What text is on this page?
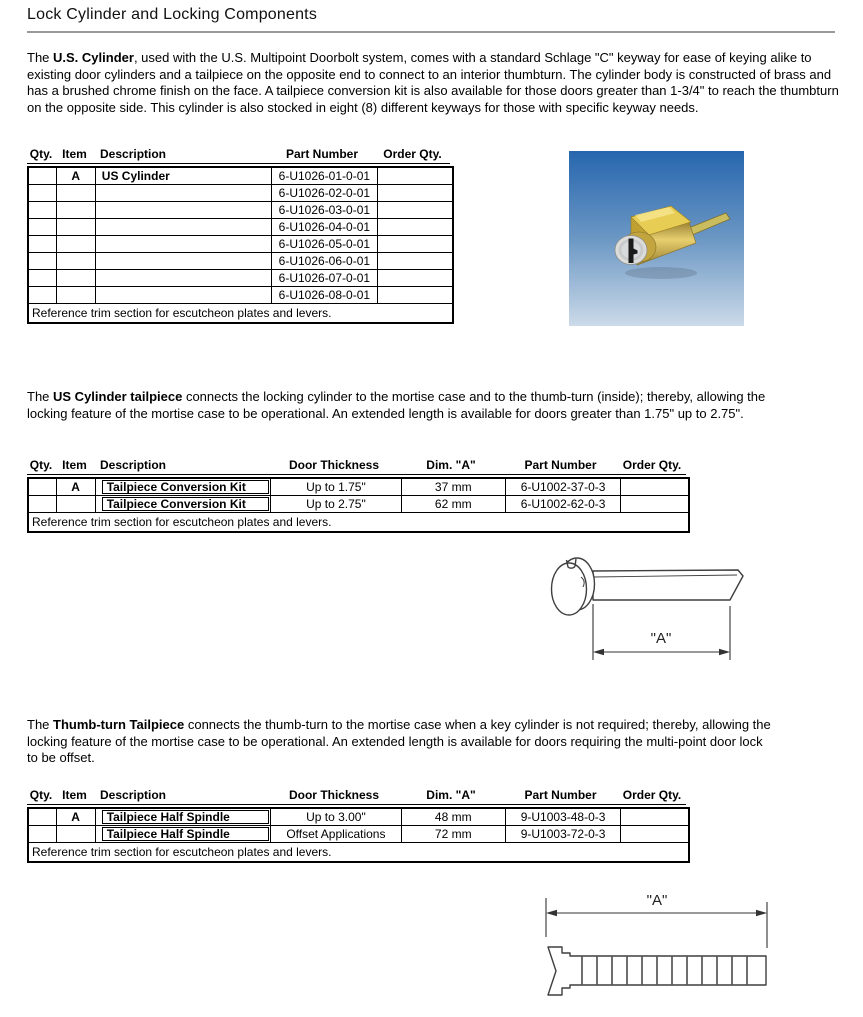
Lock Cylinder and Locking Components

The U.S. Cylinder, used with the U.S. Multipoint Doorbolt system, comes with a standard Schlage "C" keyway for ease of keying alike to existing door cylinders and a tailpiece on the opposite end to connect to an interior thumbturn. The cylinder body is constructed of brass and has a brushed chrome finish on the face. A tailpiece conversion kit is also available for those doors greater than 1-3/4" to reach the thumbturn on the opposite side. This cylinder is also stocked in eight (8) different keyways for those with specific keyway needs.

Qty. Item	Description	Part Number	Order Qty.
	A	US Cylinder	6-U1026-01-0-01	
			6-U1026-02-0-01	
			6-U1026-03-0-01	
			6-U1026-04-0-01	
			6-U1026-05-0-01	
			6-U1026-06-0-01	
			6-U1026-07-0-01	
			6-U1026-08-0-01	
Reference trim section for escutcheon plates and levers.				

The US Cylinder tailpiece connects the locking cylinder to the mortise case and to the thumb-turn (inside); thereby, allowing the locking feature of the mortise case to be operational. An extended length is available for doors greater than 1.75" up to 2.75".

Qty. Item	Description	Door Thickness	Dim. "A"	Part Number	Order Qty.
	A	Tailpiece Conversion Kit	Up to 1.75"	37 mm	6-U1002-37-0-3	

		Tailpiece Conversion Kit	Up to 2.75"	62 mm	6-U1002-62-0-3	
Reference trim section for escutcheon plates and levers.						
"A"

The Thumb-turn Tailpiece connects the thumb-turn to the mortise case when a key cylinder is not required; thereby, allowing the locking feature of the mortise case to be operational. An extended length is available for doors requiring the multi-point door lock to be offset.

Qty. Item	Description	Door Thickness	Dim. "A"	Part Number	Order Qty.
	A	Tailpiece Half Spindle	Up to 3.00"	48 mm	9-U1003-48-0-3	

		Tailpiece Half Spindle	Offset Applications	72 mm	9-U1003-72-0-3	
Reference trim section for escutcheon plates and levers.						
"A"
